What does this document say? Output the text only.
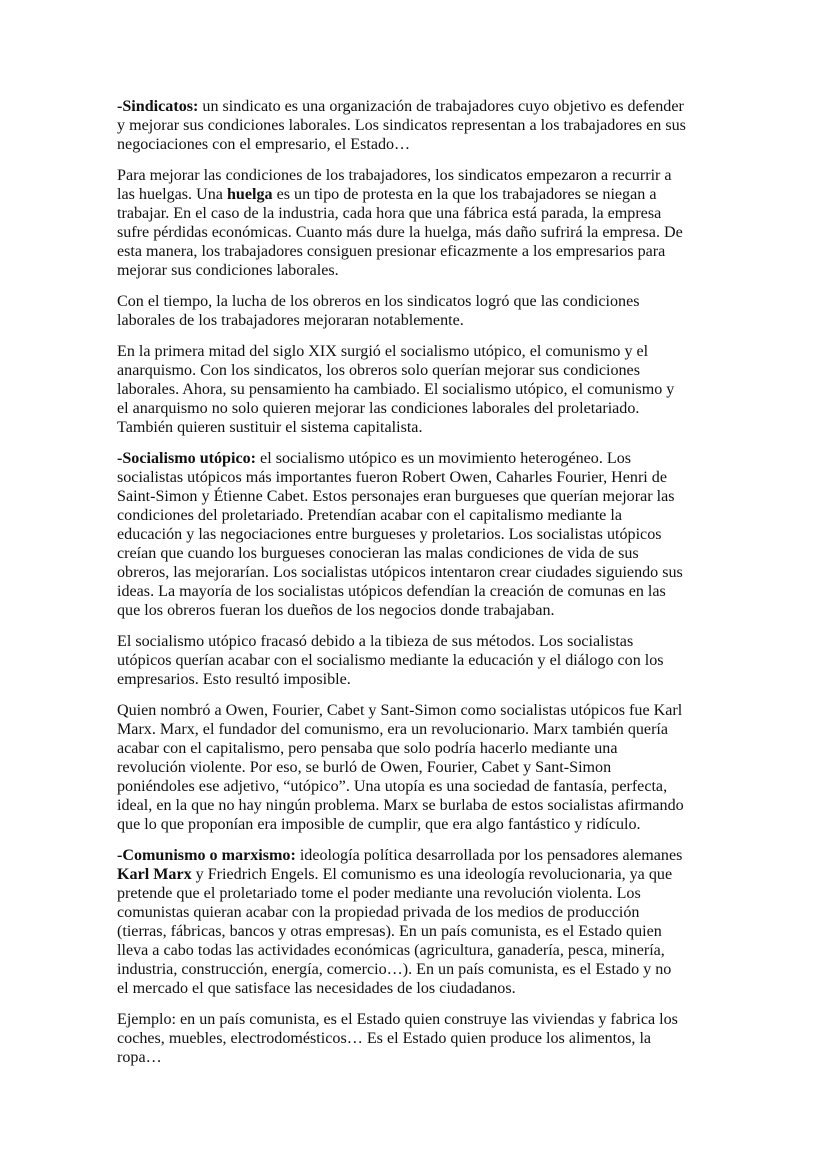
-Sindicatos: un sindicato es una organización de trabajadores cuyo objetivo es defender
y mejorar sus condiciones laborales. Los sindicatos representan a los trabajadores en sus
negociaciones con el empresario, el Estado…

Para mejorar las condiciones de los trabajadores, los sindicatos empezaron a recurrir a
las huelgas. Una huelga es un tipo de protesta en la que los trabajadores se niegan a
trabajar. En el caso de la industria, cada hora que una fábrica está parada, la empresa
sufre pérdidas económicas. Cuanto más dure la huelga, más daño sufrirá la empresa. De
esta manera, los trabajadores consiguen presionar eficazmente a los empresarios para
mejorar sus condiciones laborales.

Con el tiempo, la lucha de los obreros en los sindicatos logró que las condiciones
laborales de los trabajadores mejoraran notablemente.

En la primera mitad del siglo XIX surgió el socialismo utópico, el comunismo y el
anarquismo. Con los sindicatos, los obreros solo querían mejorar sus condiciones
laborales. Ahora, su pensamiento ha cambiado. El socialismo utópico, el comunismo y
el anarquismo no solo quieren mejorar las condiciones laborales del proletariado.
También quieren sustituir el sistema capitalista.

-Socialismo utópico: el socialismo utópico es un movimiento heterogéneo. Los
socialistas utópicos más importantes fueron Robert Owen, Caharles Fourier, Henri de
Saint-Simon y Étienne Cabet. Estos personajes eran burgueses que querían mejorar las
condiciones del proletariado. Pretendían acabar con el capitalismo mediante la
educación y las negociaciones entre burgueses y proletarios. Los socialistas utópicos
creían que cuando los burgueses conocieran las malas condiciones de vida de sus
obreros, las mejorarían. Los socialistas utópicos intentaron crear ciudades siguiendo sus
ideas. La mayoría de los socialistas utópicos defendían la creación de comunas en las
que los obreros fueran los dueños de los negocios donde trabajaban.

El socialismo utópico fracasó debido a la tibieza de sus métodos. Los socialistas
utópicos querían acabar con el socialismo mediante la educación y el diálogo con los
empresarios. Esto resultó imposible.

Quien nombró a Owen, Fourier, Cabet y Sant-Simon como socialistas utópicos fue Karl
Marx. Marx, el fundador del comunismo, era un revolucionario. Marx también quería
acabar con el capitalismo, pero pensaba que solo podría hacerlo mediante una
revolución violente. Por eso, se burló de Owen, Fourier, Cabet y Sant-Simon
poniéndoles ese adjetivo, “utópico”. Una utopía es una sociedad de fantasía, perfecta,
ideal, en la que no hay ningún problema. Marx se burlaba de estos socialistas afirmando
que lo que proponían era imposible de cumplir, que era algo fantástico y ridículo.

-Comunismo o marxismo: ideología política desarrollada por los pensadores alemanes
Karl Marx y Friedrich Engels. El comunismo es una ideología revolucionaria, ya que
pretende que el proletariado tome el poder mediante una revolución violenta. Los
comunistas quieran acabar con la propiedad privada de los medios de producción
(tierras, fábricas, bancos y otras empresas). En un país comunista, es el Estado quien
lleva a cabo todas las actividades económicas (agricultura, ganadería, pesca, minería,
industria, construcción, energía, comercio…). En un país comunista, es el Estado y no
el mercado el que satisface las necesidades de los ciudadanos.

Ejemplo: en un país comunista, es el Estado quien construye las viviendas y fabrica los
coches, muebles, electrodomésticos… Es el Estado quien produce los alimentos, la
ropa…
